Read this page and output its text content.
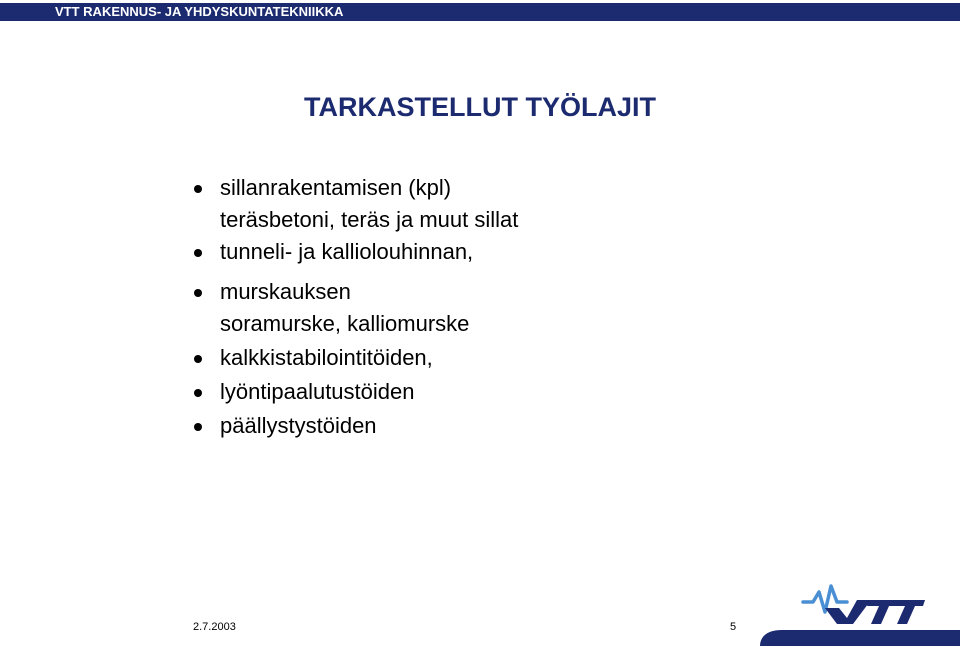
VTT RAKENNUS- JA YHDYSKUNTATEKNIIKKA
TARKASTELLUT TYÖLAJIT
sillanrakentamisen (kpl)
teräsbetoni, teräs ja muut sillat
tunneli- ja kalliolouhinnan,
murskauksen
soramurske, kalliomurske
kalkkistabilointitöiden,
lyöntipaalutustöiden
päällystystöiden
2.7.2003	5
